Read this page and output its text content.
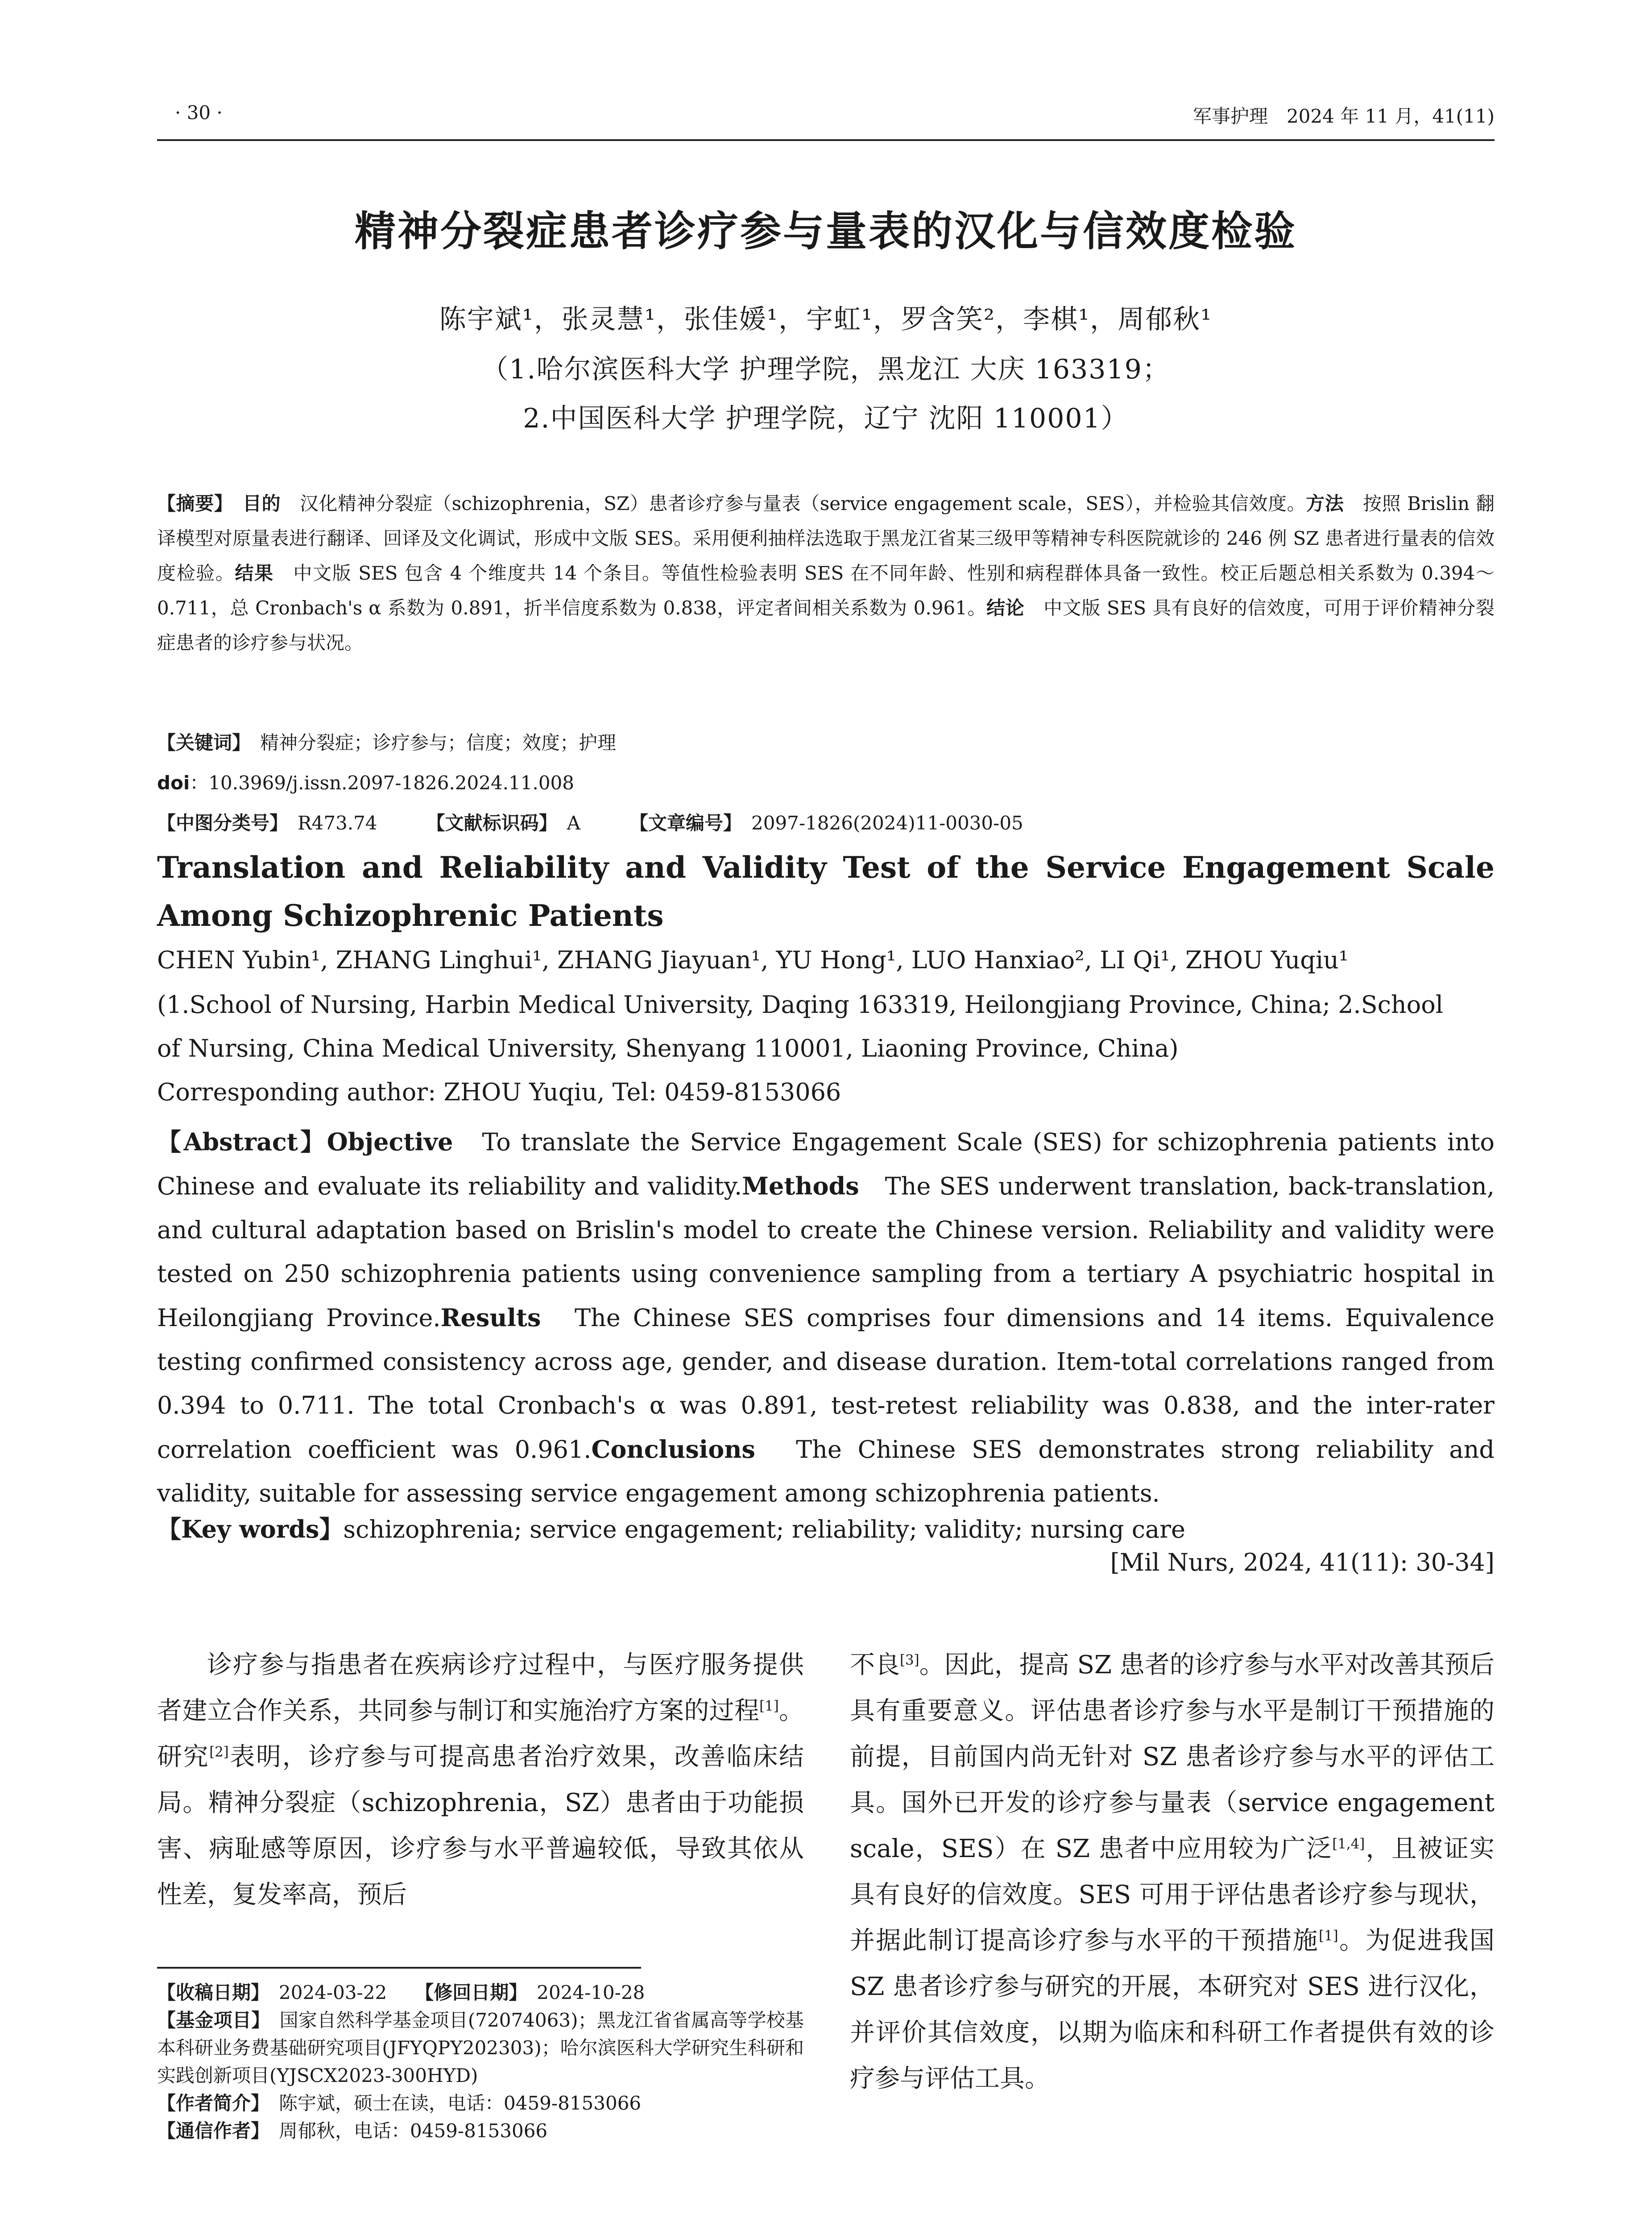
· 30 ·	军事护理　2024 年 11 月，41(11)
精神分裂症患者诊疗参与量表的汉化与信效度检验
陈宇斌¹，张灵慧¹，张佳媛¹，宇虹¹，罗含笑²，李棋¹，周郁秋¹
（1.哈尔滨医科大学 护理学院，黑龙江 大庆 163319；
2.中国医科大学 护理学院，辽宁 沈阳 110001）
【摘要】　 目的　汉化精神分裂症（schizophrenia，SZ）患者诊疗参与量表（service engagement scale，SES），并检验其信效度。方法　按照 Brislin 翻译模型对原量表进行翻译、回译及文化调试，形成中文版 SES。采用便利抽样法选取于黑龙江省某三级甲等精神专科医院就诊的 246 例 SZ 患者进行量表的信效度检验。结果　中文版 SES 包含 4 个维度共 14 个条目。等值性检验表明 SES 在不同年龄、性别和病程群体具备一致性。校正后题总相关系数为 0.394～0.711，总 Cronbach's α 系数为 0.891，折半信度系数为 0.838，评定者间相关系数为 0.961。结论　中文版 SES 具有良好的信效度，可用于评价精神分裂症患者的诊疗参与状况。
【关键词】　精神分裂症；诊疗参与；信度；效度；护理
doi：10.3969/j.issn.2097-1826.2024.11.008
【中图分类号】　R473.74	【文献标识码】　A	【文章编号】　2097-1826(2024)11-0030-05
Translation and Reliability and Validity Test of the Service Engagement Scale Among Schizophrenic Patients
CHEN Yubin¹, ZHANG Linghui¹, ZHANG Jiayuan¹, YU Hong¹, LUO Hanxiao², LI Qi¹, ZHOU Yuqiu¹
(1.School of Nursing, Harbin Medical University, Daqing 163319, Heilongjiang Province, China; 2.School
of Nursing, China Medical University, Shenyang 110001, Liaoning Province, China)
Corresponding author: ZHOU Yuqiu, Tel: 0459-8153066
【Abstract】Objective　To translate the Service Engagement Scale (SES) for schizophrenia patients into Chinese and evaluate its reliability and validity.Methods　The SES underwent translation, back-translation, and cultural adaptation based on Brislin's model to create the Chinese version. Reliability and validity were tested on 250 schizophrenia patients using convenience sampling from a tertiary A psychiatric hospital in Heilongjiang Province.Results　The Chinese SES comprises four dimensions and 14 items. Equivalence testing confirmed consistency across age, gender, and disease duration. Item-total correlations ranged from 0.394 to 0.711. The total Cronbach's α was 0.891, test-retest reliability was 0.838, and the inter-rater correlation coefficient was 0.961.Conclusions　The Chinese SES demonstrates strong reliability and validity, suitable for assessing service engagement among schizophrenia patients.
【Key words】schizophrenia; service engagement; reliability; validity; nursing care
[Mil Nurs, 2024, 41(11): 30-34]
诊疗参与指患者在疾病诊疗过程中，与医疗服务提供者建立合作关系，共同参与制订和实施治疗方案的过程[1]。研究[2]表明，诊疗参与可提高患者治疗效果，改善临床结局。精神分裂症（schizophrenia，SZ）患者由于功能损害、病耻感等原因，诊疗参与水平普遍较低，导致其依从性差，复发率高，预后
不良[3]。因此，提高 SZ 患者的诊疗参与水平对改善其预后具有重要意义。评估患者诊疗参与水平是制订干预措施的前提，目前国内尚无针对 SZ 患者诊疗参与水平的评估工具。国外已开发的诊疗参与量表（service engagement scale，SES）在 SZ 患者中应用较为广泛[1,4]，且被证实具有良好的信效度。SES 可用于评估患者诊疗参与现状，并据此制订提高诊疗参与水平的干预措施[1]。为促进我国 SZ 患者诊疗参与研究的开展，本研究对 SES 进行汉化，并评价其信效度，以期为临床和科研工作者提供有效的诊疗参与评估工具。
【收稿日期】　2024-03-22　　 【修回日期】　2024-10-28
【基金项目】　国家自然科学基金项目(72074063)；黑龙江省省属高等学校基本科研业务费基础研究项目(JFYQPY202303)；哈尔滨医科大学研究生科研和实践创新项目(YJSCX2023-300HYD)
【作者简介】　陈宇斌，硕士在读，电话：0459-8153066
【通信作者】　周郁秋，电话：0459-8153066
